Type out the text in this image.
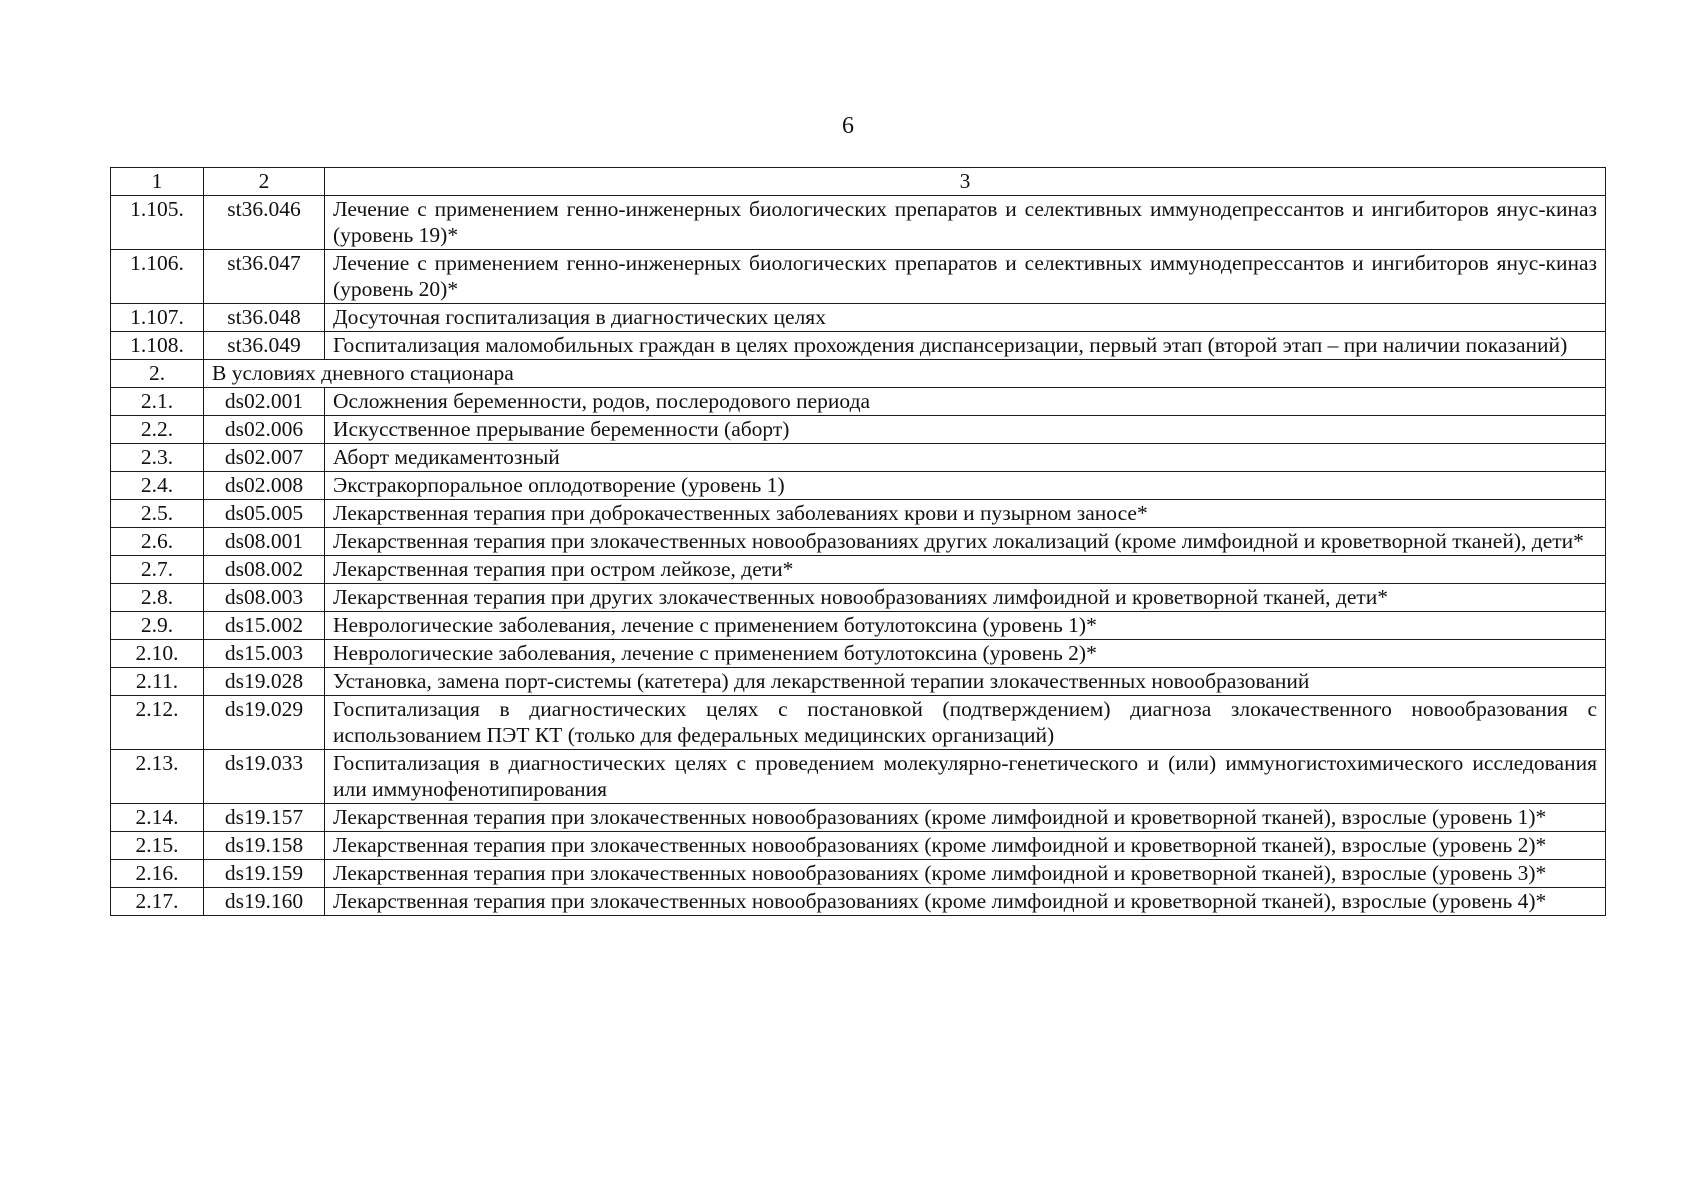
6
1	2	3
1.105.	st36.046	Лечение с применением генно-инженерных биологических препаратов и селективных иммунодепрессантов и ингибиторов янус-киназ (уровень 19)*
1.106.	st36.047	Лечение с применением генно-инженерных биологических препаратов и селективных иммунодепрессантов и ингибиторов янус-киназ (уровень 20)*
1.107.	st36.048	Досуточная госпитализация в диагностических целях
1.108.	st36.049	Госпитализация маломобильных граждан в целях прохождения диспансеризации, первый этап (второй этап – при наличии показаний)
2.	В условиях дневного стационара	
2.1.	ds02.001	Осложнения беременности, родов, послеродового периода
2.2.	ds02.006	Искусственное прерывание беременности (аборт)
2.3.	ds02.007	Аборт медикаментозный
2.4.	ds02.008	Экстракорпоральное оплодотворение (уровень 1)
2.5.	ds05.005	Лекарственная терапия при доброкачественных заболеваниях крови и пузырном заносе*
2.6.	ds08.001	Лекарственная терапия при злокачественных новообразованиях других локализаций (кроме лимфоидной и кроветворной тканей), дети*
2.7.	ds08.002	Лекарственная терапия при остром лейкозе, дети*
2.8.	ds08.003	Лекарственная терапия при других злокачественных новообразованиях лимфоидной и кроветворной тканей, дети*
2.9.	ds15.002	Неврологические заболевания, лечение с применением ботулотоксина (уровень 1)*
2.10.	ds15.003	Неврологические заболевания, лечение с применением ботулотоксина (уровень 2)*
2.11.	ds19.028	Установка, замена порт-системы (катетера) для лекарственной терапии злокачественных новообразований
2.12.	ds19.029	Госпитализация в диагностических целях с постановкой (подтверждением) диагноза злокачественного новообразования с использованием ПЭТ КТ (только для федеральных медицинских организаций)
2.13.	ds19.033	Госпитализация в диагностических целях с проведением молекулярно-генетического и (или) иммуногистохимического исследования или иммунофенотипирования
2.14.	ds19.157	Лекарственная терапия при злокачественных новообразованиях (кроме лимфоидной и кроветворной тканей), взрослые (уровень 1)*
2.15.	ds19.158	Лекарственная терапия при злокачественных новообразованиях (кроме лимфоидной и кроветворной тканей), взрослые (уровень 2)*
2.16.	ds19.159	Лекарственная терапия при злокачественных новообразованиях (кроме лимфоидной и кроветворной тканей), взрослые (уровень 3)*
2.17.	ds19.160	Лекарственная терапия при злокачественных новообразованиях (кроме лимфоидной и кроветворной тканей), взрослые (уровень 4)*
